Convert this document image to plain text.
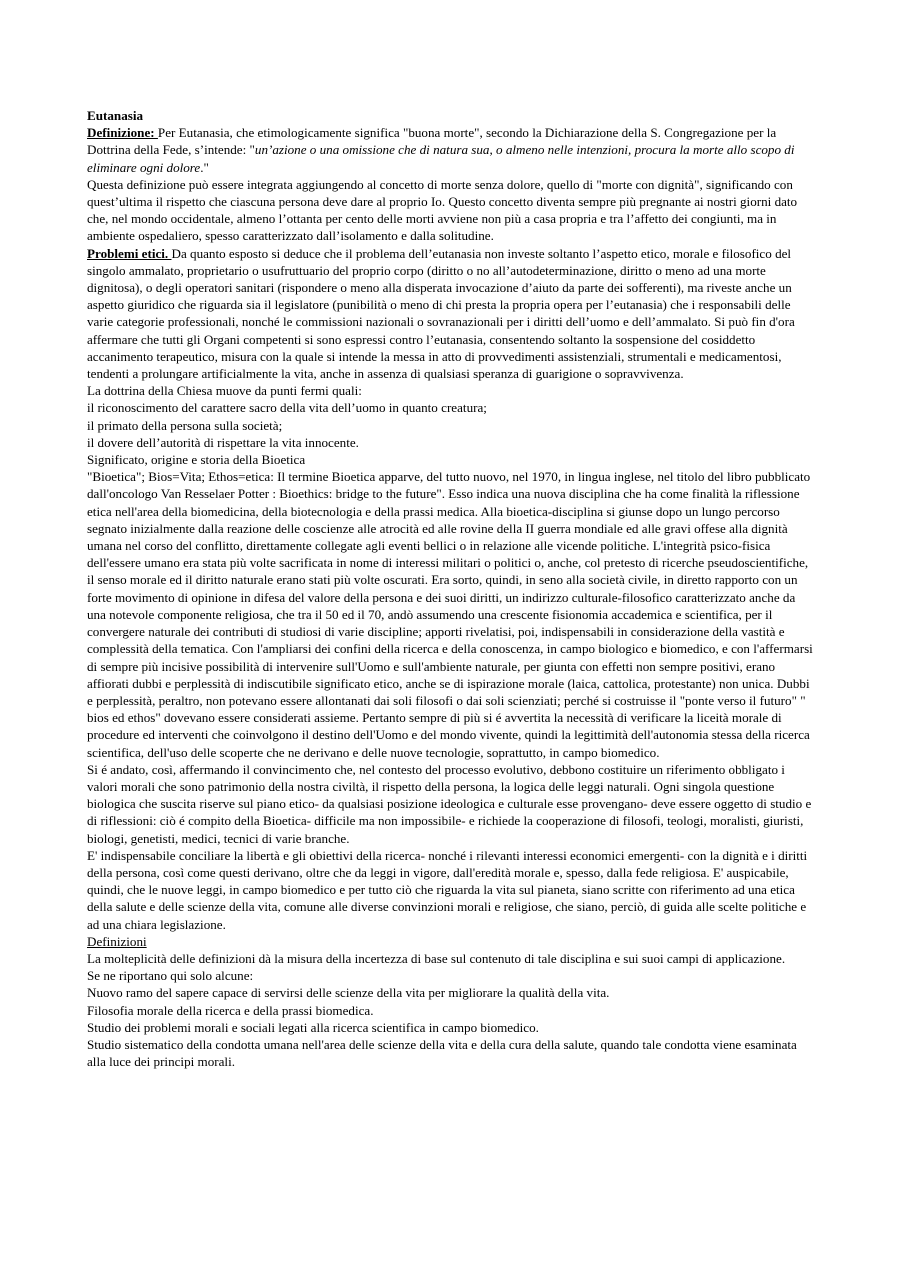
Eutanasia

Definizione: Per Eutanasia, che etimologicamente significa "buona morte", secondo la Dichiarazione della S. Congregazione per la Dottrina della Fede, s’intende: "un’azione o una omissione che di natura sua, o almeno nelle intenzioni, procura la morte allo scopo di eliminare ogni dolore."

Questa definizione può essere integrata aggiungendo al concetto di morte senza dolore, quello di "morte con dignità", significando con quest’ultima il rispetto che ciascuna persona deve dare al proprio Io. Questo concetto diventa sempre più pregnante ai nostri giorni dato che, nel mondo occidentale, almeno l’ottanta per cento delle morti avviene non più a casa propria e tra l’affetto dei congiunti, ma in ambiente ospedaliero, spesso caratterizzato dall’isolamento e dalla solitudine.

Problemi etici. Da quanto esposto si deduce che il problema dell’eutanasia non investe soltanto l’aspetto etico, morale e filosofico del singolo ammalato, proprietario o usufruttuario del proprio corpo (diritto o no all’autodeterminazione, diritto o meno ad una morte dignitosa), o degli operatori sanitari (rispondere o meno alla disperata invocazione d’aiuto da parte dei sofferenti), ma riveste anche un aspetto giuridico che riguarda sia il legislatore (punibilità o meno di chi presta la propria opera per l’eutanasia) che i responsabili delle varie categorie professionali, nonché le commissioni nazionali o sovranazionali per i diritti dell’uomo e dell’ammalato. Si può fin d'ora affermare che tutti gli Organi competenti si sono espressi contro l’eutanasia, consentendo soltanto la sospensione del cosiddetto accanimento terapeutico, misura con la quale si intende la messa in atto di provvedimenti assistenziali, strumentali e medicamentosi, tendenti a prolungare artificialmente la vita, anche in assenza di qualsiasi speranza di guarigione o sopravvivenza.

La dottrina della Chiesa muove da punti fermi quali:

il riconoscimento del carattere sacro della vita dell’uomo in quanto creatura;

il primato della persona sulla società;

il dovere dell’autorità di rispettare la vita innocente.

Significato, origine e storia della Bioetica

"Bioetica"; Bios=Vita; Ethos=etica: Il termine Bioetica apparve, del tutto nuovo, nel 1970, in lingua inglese, nel titolo del libro pubblicato dall'oncologo Van Resselaer Potter : Bioethics: bridge to the future". Esso indica una nuova disciplina che ha come finalità la riflessione etica nell'area della biomedicina, della biotecnologia e della prassi medica. Alla bioetica-disciplina si giunse dopo un lungo percorso segnato inizialmente dalla reazione delle coscienze alle atrocità ed alle rovine della II guerra mondiale ed alle gravi offese alla dignità umana nel corso del conflitto, direttamente collegate agli eventi bellici o in relazione alle vicende politiche. L'integrità psico-fisica dell'essere umano era stata più volte sacrificata in nome di interessi militari o politici o, anche, col pretesto di ricerche pseudoscientifiche, il senso morale ed il diritto naturale erano stati più volte oscurati. Era sorto, quindi, in seno alla società civile, in diretto rapporto con un forte movimento di opinione in difesa del valore della persona e dei suoi diritti, un indirizzo culturale-filosofico caratterizzato anche da una notevole componente religiosa, che tra il 50 ed il 70, andò assumendo una crescente fisionomia accademica e scientifica, per il convergere naturale dei contributi di studiosi di varie discipline; apporti rivelatisi, poi, indispensabili in considerazione della vastità e complessità della tematica. Con l'ampliarsi dei confini della ricerca e della conoscenza, in campo biologico e biomedico, e con l'affermarsi di sempre più incisive possibilità di intervenire sull'Uomo e sull'ambiente naturale, per giunta con effetti non sempre positivi, erano affiorati dubbi e perplessità di indiscutibile significato etico, anche se di ispirazione morale (laica, cattolica, protestante) non unica. Dubbi e perplessità, peraltro, non potevano essere allontanati dai soli filosofi o dai soli scienziati; perché si costruisse il "ponte verso il futuro" " bios ed ethos" dovevano essere considerati assieme. Pertanto sempre di più si é avvertita la necessità di verificare la liceità morale di procedure ed interventi che coinvolgono il destino dell'Uomo e del mondo vivente, quindi la legittimità dell'autonomia stessa della ricerca scientifica, dell'uso delle scoperte che ne derivano e delle nuove tecnologie, soprattutto, in campo biomedico.

Si é andato, così, affermando il convincimento che, nel contesto del processo evolutivo, debbono costituire un riferimento obbligato i valori morali che sono patrimonio della nostra civiltà, il rispetto della persona, la logica delle leggi naturali. Ogni singola questione biologica che suscita riserve sul piano etico- da qualsiasi posizione ideologica e culturale esse provengano- deve essere oggetto di studio e di riflessioni: ciò é compito della Bioetica- difficile ma non impossibile- e richiede la cooperazione di filosofi, teologi, moralisti, giuristi, biologi, genetisti, medici, tecnici di varie branche.

E' indispensabile conciliare la libertà e gli obiettivi della ricerca- nonché i rilevanti interessi economici emergenti- con la dignità e i diritti della persona, così come questi derivano, oltre che da leggi in vigore, dall'eredità morale e, spesso, dalla fede religiosa. E' auspicabile, quindi, che le nuove leggi, in campo biomedico e per tutto ciò che riguarda la vita sul pianeta, siano scritte con riferimento ad una etica della salute e delle scienze della vita, comune alle diverse convinzioni morali e religiose, che siano, perciò, di guida alle scelte politiche e ad una chiara legislazione.

Definizioni

La molteplicità delle definizioni dà la misura della incertezza di base sul contenuto di tale disciplina e sui suoi campi di applicazione.

Se ne riportano qui solo alcune:

Nuovo ramo del sapere capace di servirsi delle scienze della vita per migliorare la qualità della vita.

Filosofia morale della ricerca e della prassi biomedica.

Studio dei problemi morali e sociali legati alla ricerca scientifica in campo biomedico.

Studio sistematico della condotta umana nell'area delle scienze della vita e della cura della salute, quando tale condotta viene esaminata alla luce dei principi morali.
